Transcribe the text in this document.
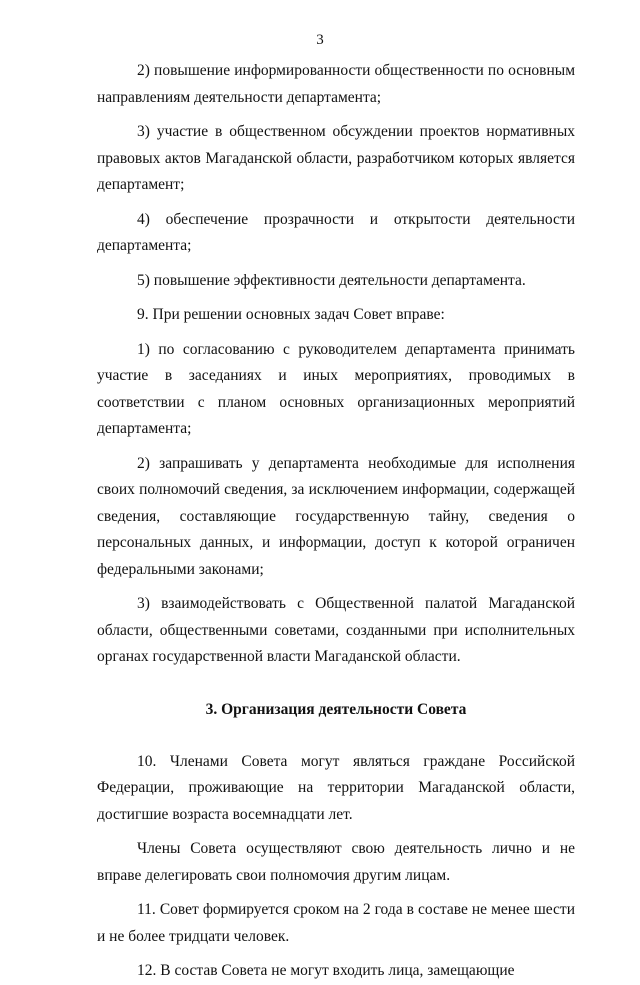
3

2) повышение информированности общественности по основным направлениям деятельности департамента;

3) участие в общественном обсуждении проектов нормативных правовых актов Магаданской области, разработчиком которых является департамент;

4) обеспечение прозрачности и открытости деятельности департамента;

5) повышение эффективности деятельности департамента.

9. При решении основных задач Совет вправе:

1) по согласованию с руководителем департамента принимать участие в заседаниях и иных мероприятиях, проводимых в соответствии с планом основных организационных мероприятий департамента;

2) запрашивать у департамента необходимые для исполнения своих полномочий сведения, за исключением информации, содержащей сведения, составляющие государственную тайну, сведения о персональных данных, и информации, доступ к которой ограничен федеральными законами;

3) взаимодействовать с Общественной палатой Магаданской области, общественными советами, созданными при исполнительных органах государственной власти Магаданской области.

3. Организация деятельности Совета

10. Членами Совета могут являться граждане Российской Федерации, проживающие на территории Магаданской области, достигшие возраста восемнадцати лет.

Члены Совета осуществляют свою деятельность лично и не вправе делегировать свои полномочия другим лицам.

11. Совет формируется сроком на 2 года в составе не менее шести и не более тридцати человек.

12. В состав Совета не могут входить лица, замещающие
